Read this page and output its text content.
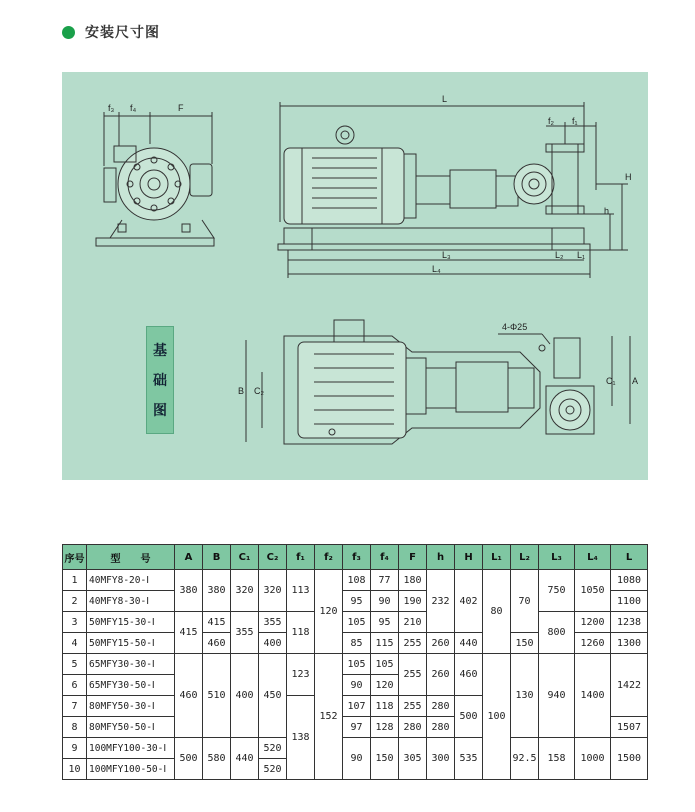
安装尺寸图
f₃ f₄	F
L
f₂ f₁
H
h
L₃	L₂ L₁
L₄
4-Φ25
B C₂
C₁ A
基
础
图
序号	型　　号	A	B	C₁	C₂	f₁	f₂	f₃	f₄	F	h	H	L₁	L₂	L₃	L₄	L	
1	40MFY8-20-Ⅰ	380	380	320	320	113	120	108	77	180	232	402	80	70	750	1050	1080	
2	40MFY8-30-Ⅰ							95	90	190							1100	
3	50MFY15-30-Ⅰ	415	415	355	355	118		105	95	210					800	1200	1238	
4	50MFY15-50-Ⅰ		460		400			85	115	255	260	440		150		1260	1300	
5	65MFY30-30-Ⅰ	460	510	400	450	123	152	105	105	255	260	460	100	130	940	1400	1422	
6	65MFY30-50-Ⅰ							90	120									
7	80MFY50-30-Ⅰ					138		107	118	255	280	500						
8	80MFY50-50-Ⅰ							97	128	280	280						1507	
9	100MFY100-30-Ⅰ	500	580	440	520			90	150	305	300	535		92.5	158	1000	1500	
10	100MFY100-50-Ⅰ				520													
